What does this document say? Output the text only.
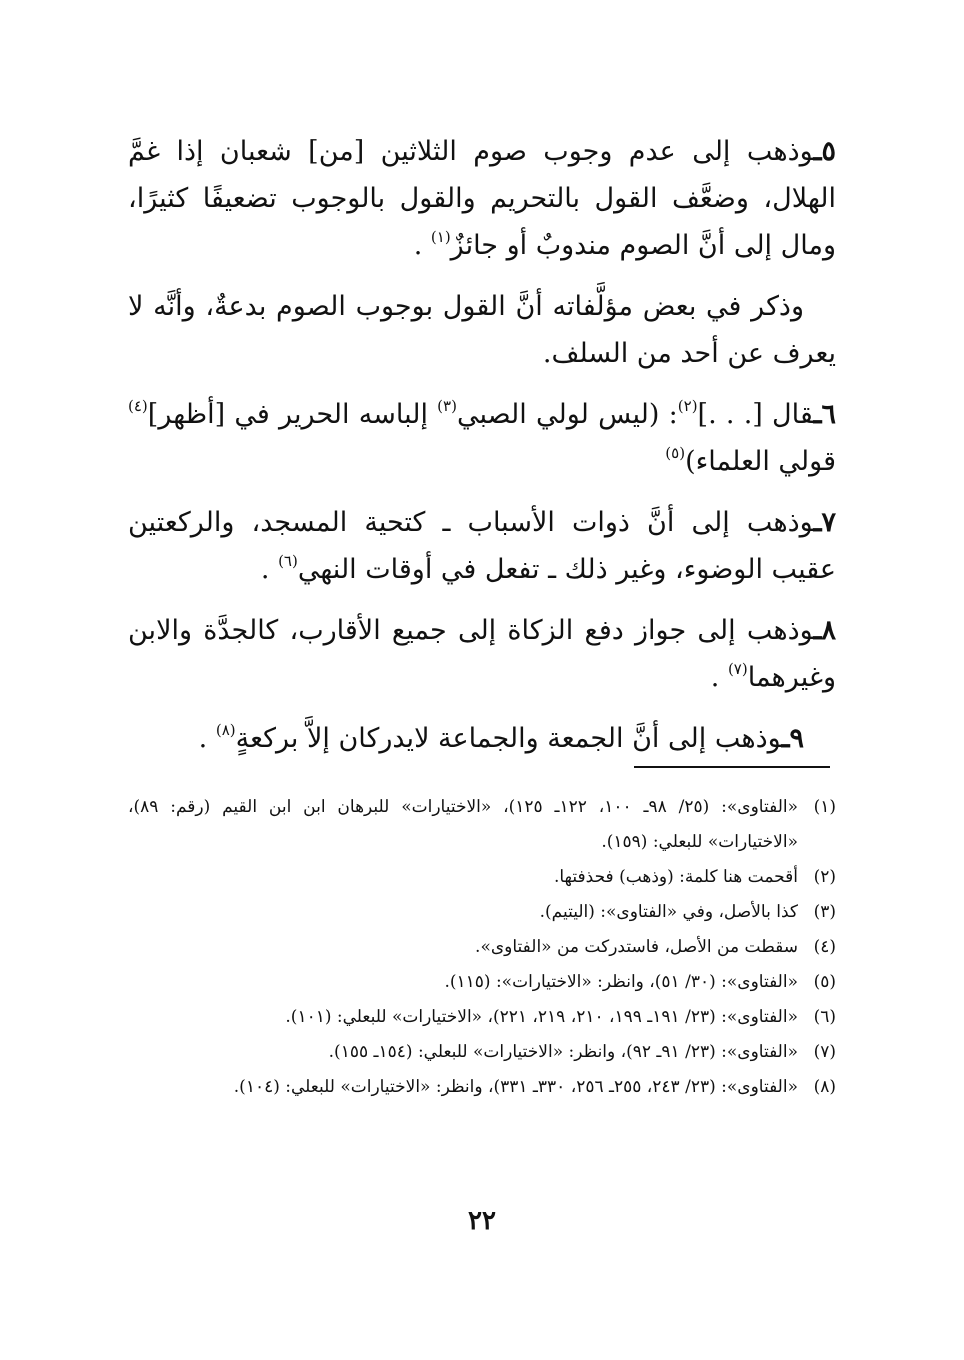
٥ـوذهب إلى عدم وجوب صوم الثلاثين [من] شعبان إذا غمَّ الهلال، وضعَّف القول بالتحريم والقول بالوجوب تضعيفًا كثيرًا، ومال إلى أنَّ الصوم مندوبٌ أو جائزٌ$^{(١)}$ .

وذكر في بعض مؤلَّفاته أنَّ القول بوجوب الصوم بدعةٌ، وأنَّه لا يعرف عن أحد من السلف.

٦ـقال [. . .]$^{(٢)}$: (ليس لولي الصبي$^{(٣)}$ إلباسه الحرير في [أظهر]$^{(٤)}$ قولي العلماء)$^{(٥)}$

٧ـوذهب إلى أنَّ ذوات الأسباب ـ كتحية المسجد، والركعتين عقيب الوضوء، وغير ذلك ـ تفعل في أوقات النهي$^{(٦)}$ .

٨ـوذهب إلى جواز دفع الزكاة إلى جميع الأقارب، كالجدَّة والابن وغيرهما$^{(٧)}$ .

٩ـوذهب إلى أنَّ الجمعة والجماعة لايدركان إلاَّ بركعةٍ$^{(٨)}$ .

(١)
«الفتاوى»: (٢٥/ ٩٨ـ ١٠٠، ١٢٢ـ ١٢٥)، «الاختيارات» للبرهان ابن ابن القيم (رقم: ٨٩)، «الاختيارات» للبعلي: (١٥٩).
(٢)
أقحمت هنا كلمة: (وذهب) فحذفتها.
(٣)
كذا بالأصل، وفي «الفتاوى»: (اليتيم).
(٤)
سقطت من الأصل، فاستدركت من «الفتاوى».
(٥)
«الفتاوى»: (٣٠/ ٥١)، وانظر: «الاختيارات»: (١١٥).
(٦)
«الفتاوى»: (٢٣/ ١٩١ـ ١٩٩، ٢١٠، ٢١٩، ٢٢١)، «الاختيارات» للبعلي: (١٠١).
(٧)
«الفتاوى»: (٢٣/ ٩١ـ ٩٢)، وانظر: «الاختيارات» للبعلي: (١٥٤ـ ١٥٥).
(٨)
«الفتاوى»: (٢٣/ ٢٤٣، ٢٥٥ـ ٢٥٦، ٣٣٠ـ ٣٣١)، وانظر: «الاختيارات» للبعلي: (١٠٤).
٢٢
